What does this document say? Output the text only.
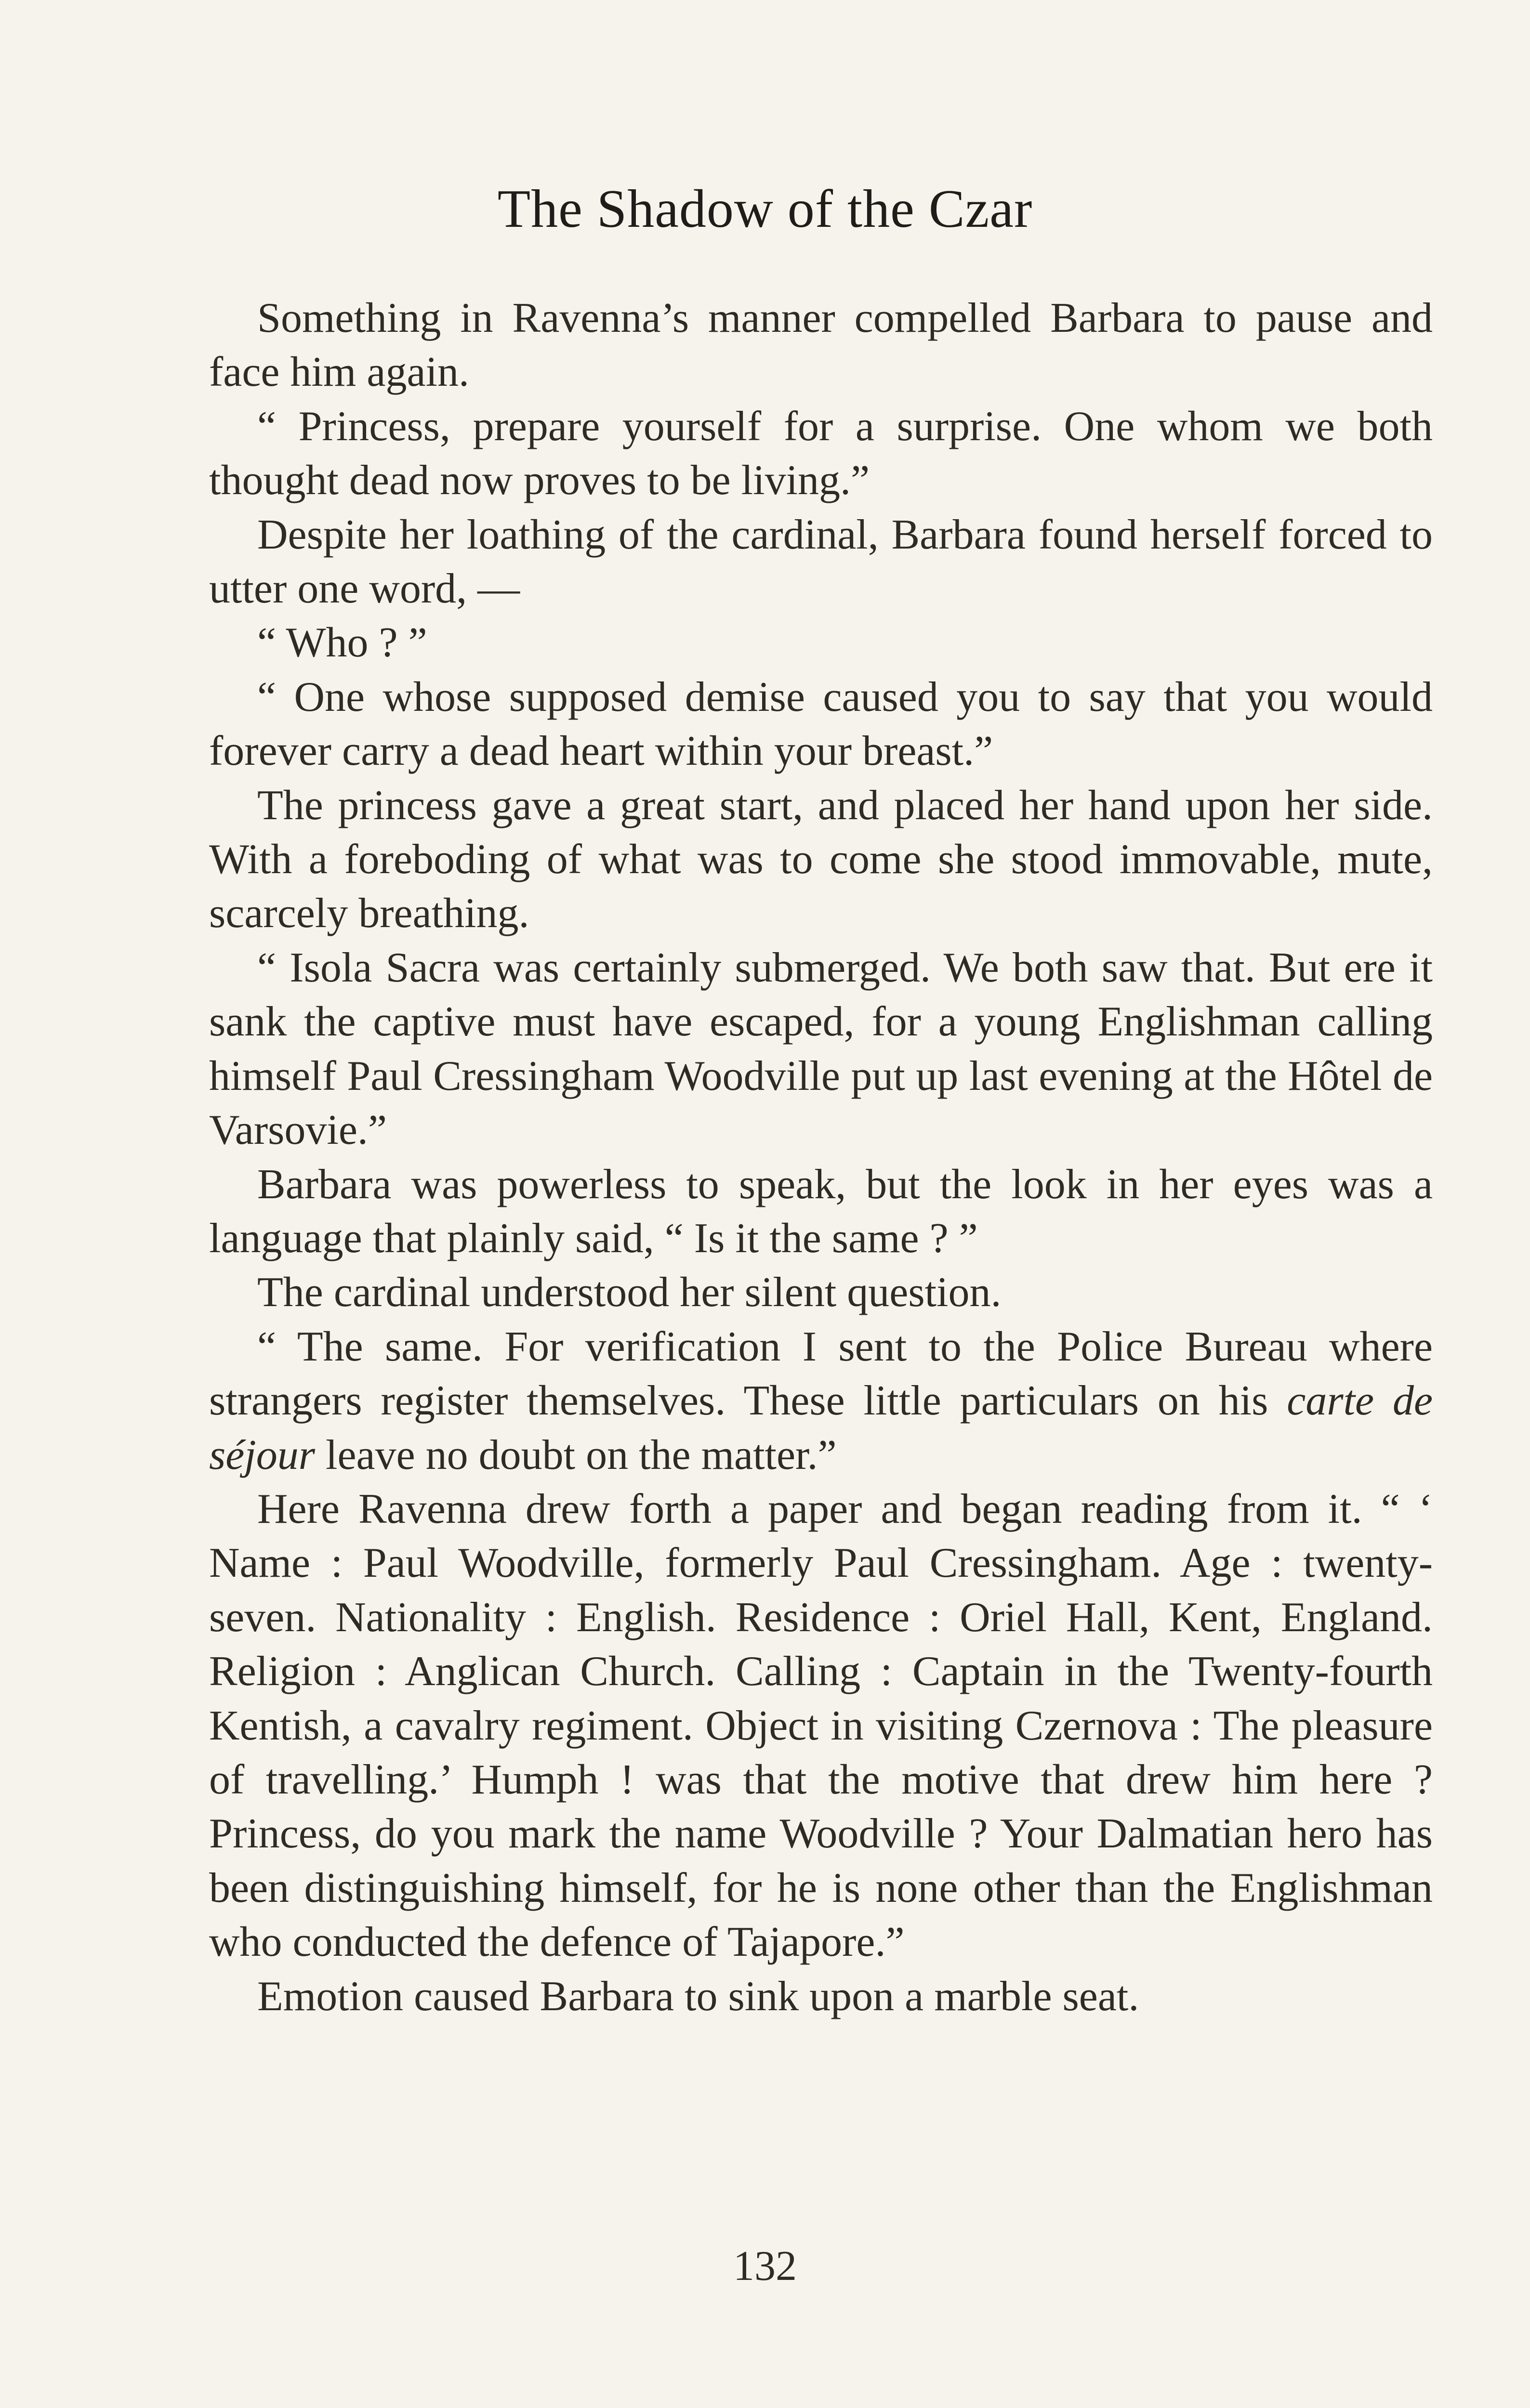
The Shadow of the Czar

Something in Ravenna’s manner compelled Barbara to pause and face him again.

“ Princess, prepare yourself for a surprise. One whom we both thought dead now proves to be living.”

Despite her loathing of the cardinal, Barbara found herself forced to utter one word, —

“ Who ? ”

“ One whose supposed demise caused you to say that you would forever carry a dead heart within your breast.”

The princess gave a great start, and placed her hand upon her side. With a foreboding of what was to come she stood immovable, mute, scarcely breathing.

“ Isola Sacra was certainly submerged. We both saw that. But ere it sank the captive must have escaped, for a young Englishman calling himself Paul Cressingham Woodville put up last evening at the Hôtel de Varsovie.”

Barbara was powerless to speak, but the look in her eyes was a language that plainly said, “ Is it the same ? ”

The cardinal understood her silent question.

“ The same. For verification I sent to the Police Bureau where strangers register themselves. These little particulars on his carte de séjour leave no doubt on the matter.”

Here Ravenna drew forth a paper and began reading from it. “ ‘ Name : Paul Woodville, formerly Paul Cressingham. Age : twenty-seven. Nationality : English. Residence : Oriel Hall, Kent, England. Religion : Anglican Church. Calling : Captain in the Twenty-fourth Kentish, a cavalry regiment. Object in visiting Czernova : The pleasure of travelling.’ Humph ! was that the motive that drew him here ? Princess, do you mark the name Woodville ? Your Dalmatian hero has been distinguishing himself, for he is none other than the Englishman who conducted the defence of Tajapore.”

Emotion caused Barbara to sink upon a marble seat.

132
